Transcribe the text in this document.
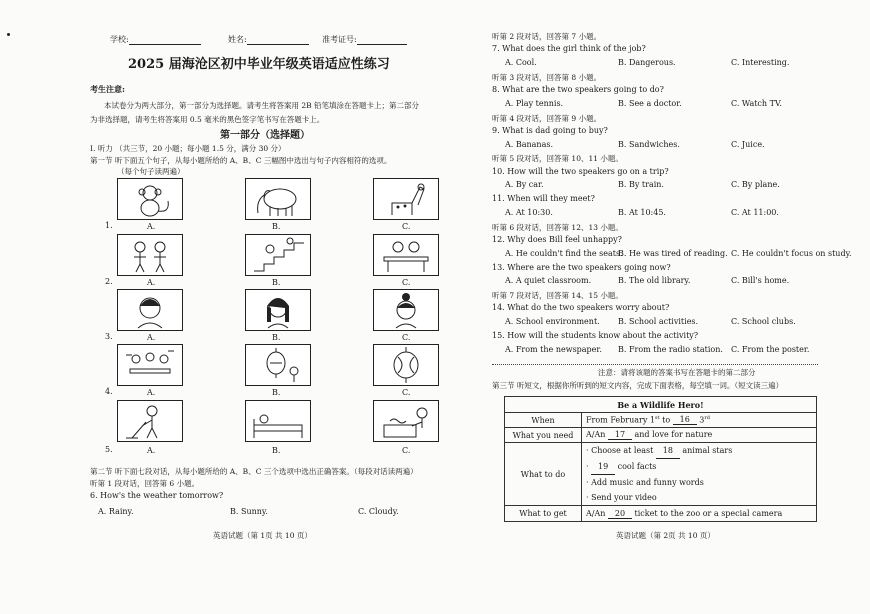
学校:	姓名:	准考证号:
2025 届海沧区初中毕业年级英语适应性练习
考生注意:
本试卷分为两大部分，第一部分为选择题。请考生将答案用 2B 铅笔填涂在答题卡上；第二部分
为非选择题，请考生将答案用 0.5 毫米的黑色签字笔书写在答题卡上。
第一部分（选择题）
I. 听力 （共三节，20 小题；每小题 1.5 分，满分 30 分）
第一节 听下面五个句子，从每小题所给的 A、B、C 三幅图中选出与句子内容相符的选项。
（每个句子读两遍）
1.	A.	B.	C.
2.	A.	B.	C.
3.	A.	B.	C.
4.	A.	B.	C.
5.	A.	B.	C.
第二节 听下面七段对话，从每小题所给的 A、B、C 三个选项中选出正确答案。（每段对话读两遍）
听第 1 段对话，回答第 6 小题。
6. How's the weather tomorrow?
A. Rainy.	B. Sunny.	C. Cloudy.
英语试题（第 1页 共 10 页）
听第 2 段对话，回答第 7 小题。
7. What does the girl think of the job?
A. Cool.	B. Dangerous.	C. Interesting.
听第 3 段对话，回答第 8 小题。
8. What are the two speakers going to do?
A. Play tennis.	B. See a doctor.	C. Watch TV.
听第 4 段对话，回答第 9 小题。
9. What is dad going to buy?
A. Bananas.	B. Sandwiches.	C. Juice.
听第 5 段对话，回答第 10、11 小题。
10. How will the two speakers go on a trip?
A. By car.	B. By train.	C. By plane.
11. When will they meet?
A. At 10:30.	B. At 10:45.	C. At 11:00.
听第 6 段对话，回答第 12、13 小题。
12. Why does Bill feel unhappy?
A. He couldn't find the seats.
B. He was tired of reading. C. He couldn't focus on study.
13. Where are the two speakers going now?
A. A quiet classroom.	B. The old library.	C. Bill's home.
听第 7 段对话，回答第 14、15 小题。
14. What do the two speakers worry about?
A. School environment. B. School activities.	C. School clubs.
15. How will the students know about the activity?
A. From the newspaper. B. From the radio station. C. From the poster.
注意：请将该题的答案书写在答题卡的第二部分
第三节 听短文，根据你所听到的短文内容，完成下面表格，每空填一词。（短文读三遍）
Be a Wildlife Hero!	
When	From February 1st to 16 3rd
What you need	A/An 17 and love for nature
What to do	· Choose at least 18 animal stars
· 19 cool facts
· Add music and funny words
· Send your video

What to get	A/An 20 ticket to the zoo or a special camera
英语试题（第 2页 共 10 页）
